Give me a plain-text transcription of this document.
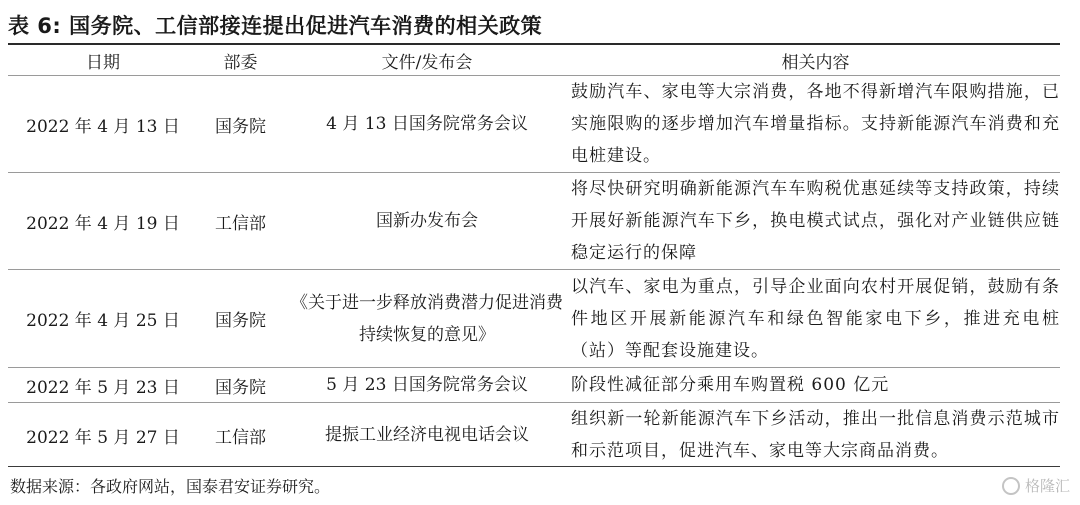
表 6: 国务院、工信部接连提出促进汽车消费的相关政策
日期	部委	文件/发布会	相关内容
2022 年 4 月 13 日	国务院	4 月 13 日国务院常务会议	鼓励汽车、家电等大宗消费，各地不得新增汽车限购措施，已实施限购的逐步增加汽车增量指标。支持新能源汽车消费和充电桩建设。
2022 年 4 月 19 日	工信部	国新办发布会	将尽快研究明确新能源汽车车购税优惠延续等支持政策，持续开展好新能源汽车下乡，换电模式试点，强化对产业链供应链稳定运行的保障
2022 年 4 月 25 日	国务院	《关于进一步释放消费潜力促进消费持续恢复的意见》	以汽车、家电为重点，引导企业面向农村开展促销，鼓励有条件地区开展新能源汽车和绿色智能家电下乡，推进充电桩（站）等配套设施建设。
2022 年 5 月 23 日	国务院	5 月 23 日国务院常务会议	阶段性减征部分乘用车购置税 600 亿元
2022 年 5 月 27 日	工信部	提振工业经济电视电话会议	组织新一轮新能源汽车下乡活动，推出一批信息消费示范城市和示范项目，促进汽车、家电等大宗商品消费。
数据来源：各政府网站，国泰君安证券研究。	格隆汇
